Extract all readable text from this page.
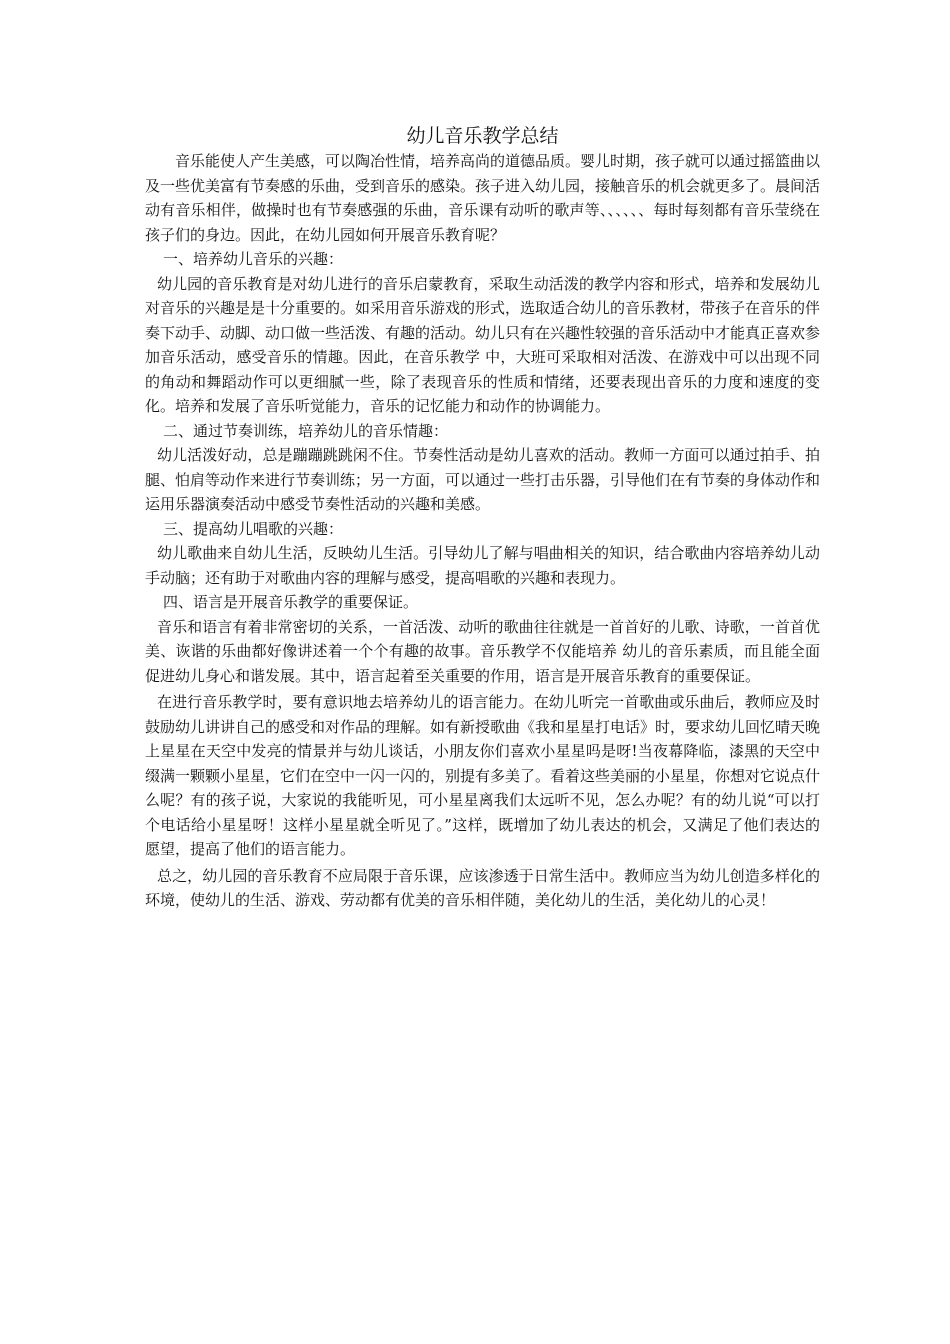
幼儿音乐教学总结

音乐能使人产生美感，可以陶冶性情，培养高尚的道德品质。婴儿时期，孩子就可以通过摇篮曲以及一些优美富有节奏感的乐曲，受到音乐的感染。孩子进入幼儿园，接触音乐的机会就更多了。晨间活动有音乐相伴，做操时也有节奏感强的乐曲，音乐课有动听的歌声等、、、、、、每时每刻都有音乐莹绕在孩子们的身边。因此，在幼儿园如何开展音乐教育呢？

一、培养幼儿音乐的兴趣：

幼儿园的音乐教育是对幼儿进行的音乐启蒙教育，采取生动活泼的教学内容和形式，培养和发展幼儿对音乐的兴趣是是十分重要的。如采用音乐游戏的形式，选取适合幼儿的音乐教材，带孩子在音乐的伴奏下动手、动脚、动口做一些活泼、有趣的活动。幼儿只有在兴趣性较强的音乐活动中才能真正喜欢参加音乐活动，感受音乐的情趣。因此，在音乐教学 中，大班可采取相对活泼、在游戏中可以出现不同的角动和舞蹈动作可以更细腻一些，除了表现音乐的性质和情绪，还要表现出音乐的力度和速度的变化。培养和发展了音乐听觉能力，音乐的记忆能力和动作的协调能力。

二、通过节奏训练，培养幼儿的音乐情趣：

幼儿活泼好动，总是蹦蹦跳跳闲不住。节奏性活动是幼儿喜欢的活动。教师一方面可以通过拍手、拍腿、怕肩等动作来进行节奏训练；另一方面，可以通过一些打击乐器，引导他们在有节奏的身体动作和运用乐器演奏活动中感受节奏性活动的兴趣和美感。

三、提高幼儿唱歌的兴趣：

幼儿歌曲来自幼儿生活，反映幼儿生活。引导幼儿了解与唱曲相关的知识，结合歌曲内容培养幼儿动手动脑；还有助于对歌曲内容的理解与感受，提高唱歌的兴趣和表现力。

四、语言是开展音乐教学的重要保证。

音乐和语言有着非常密切的关系，一首活泼、动听的歌曲往往就是一首首好的儿歌、诗歌，一首首优美、诙谐的乐曲都好像讲述着一个个有趣的故事。音乐教学不仅能培养 幼儿的音乐素质，而且能全面促进幼儿身心和谐发展。其中，语言起着至关重要的作用，语言是开展音乐教育的重要保证。

在进行音乐教学时，要有意识地去培养幼儿的语言能力。在幼儿听完一首歌曲或乐曲后，教师应及时鼓励幼儿讲讲自己的感受和对作品的理解。如有新授歌曲《我和星星打电话》时，要求幼儿回忆晴天晚上星星在天空中发亮的情景并与幼儿谈话，小朋友你们喜欢小星星吗是呀!当夜幕降临，漆黑的天空中缀满一颗颗小星星，它们在空中一闪一闪的，别提有多美了。看着这些美丽的小星星，你想对它说点什么呢？有的孩子说，大家说的我能听见，可小星星离我们太远听不见，怎么办呢？有的幼儿说“可以打个电话给小星星呀！这样小星星就全听见了。”这样，既增加了幼儿表达的机会，又满足了他们表达的愿望，提高了他们的语言能力。

总之，幼儿园的音乐教育不应局限于音乐课，应该渗透于日常生活中。教师应当为幼儿创造多样化的环境，使幼儿的生活、游戏、劳动都有优美的音乐相伴随，美化幼儿的生活，美化幼儿的心灵！
